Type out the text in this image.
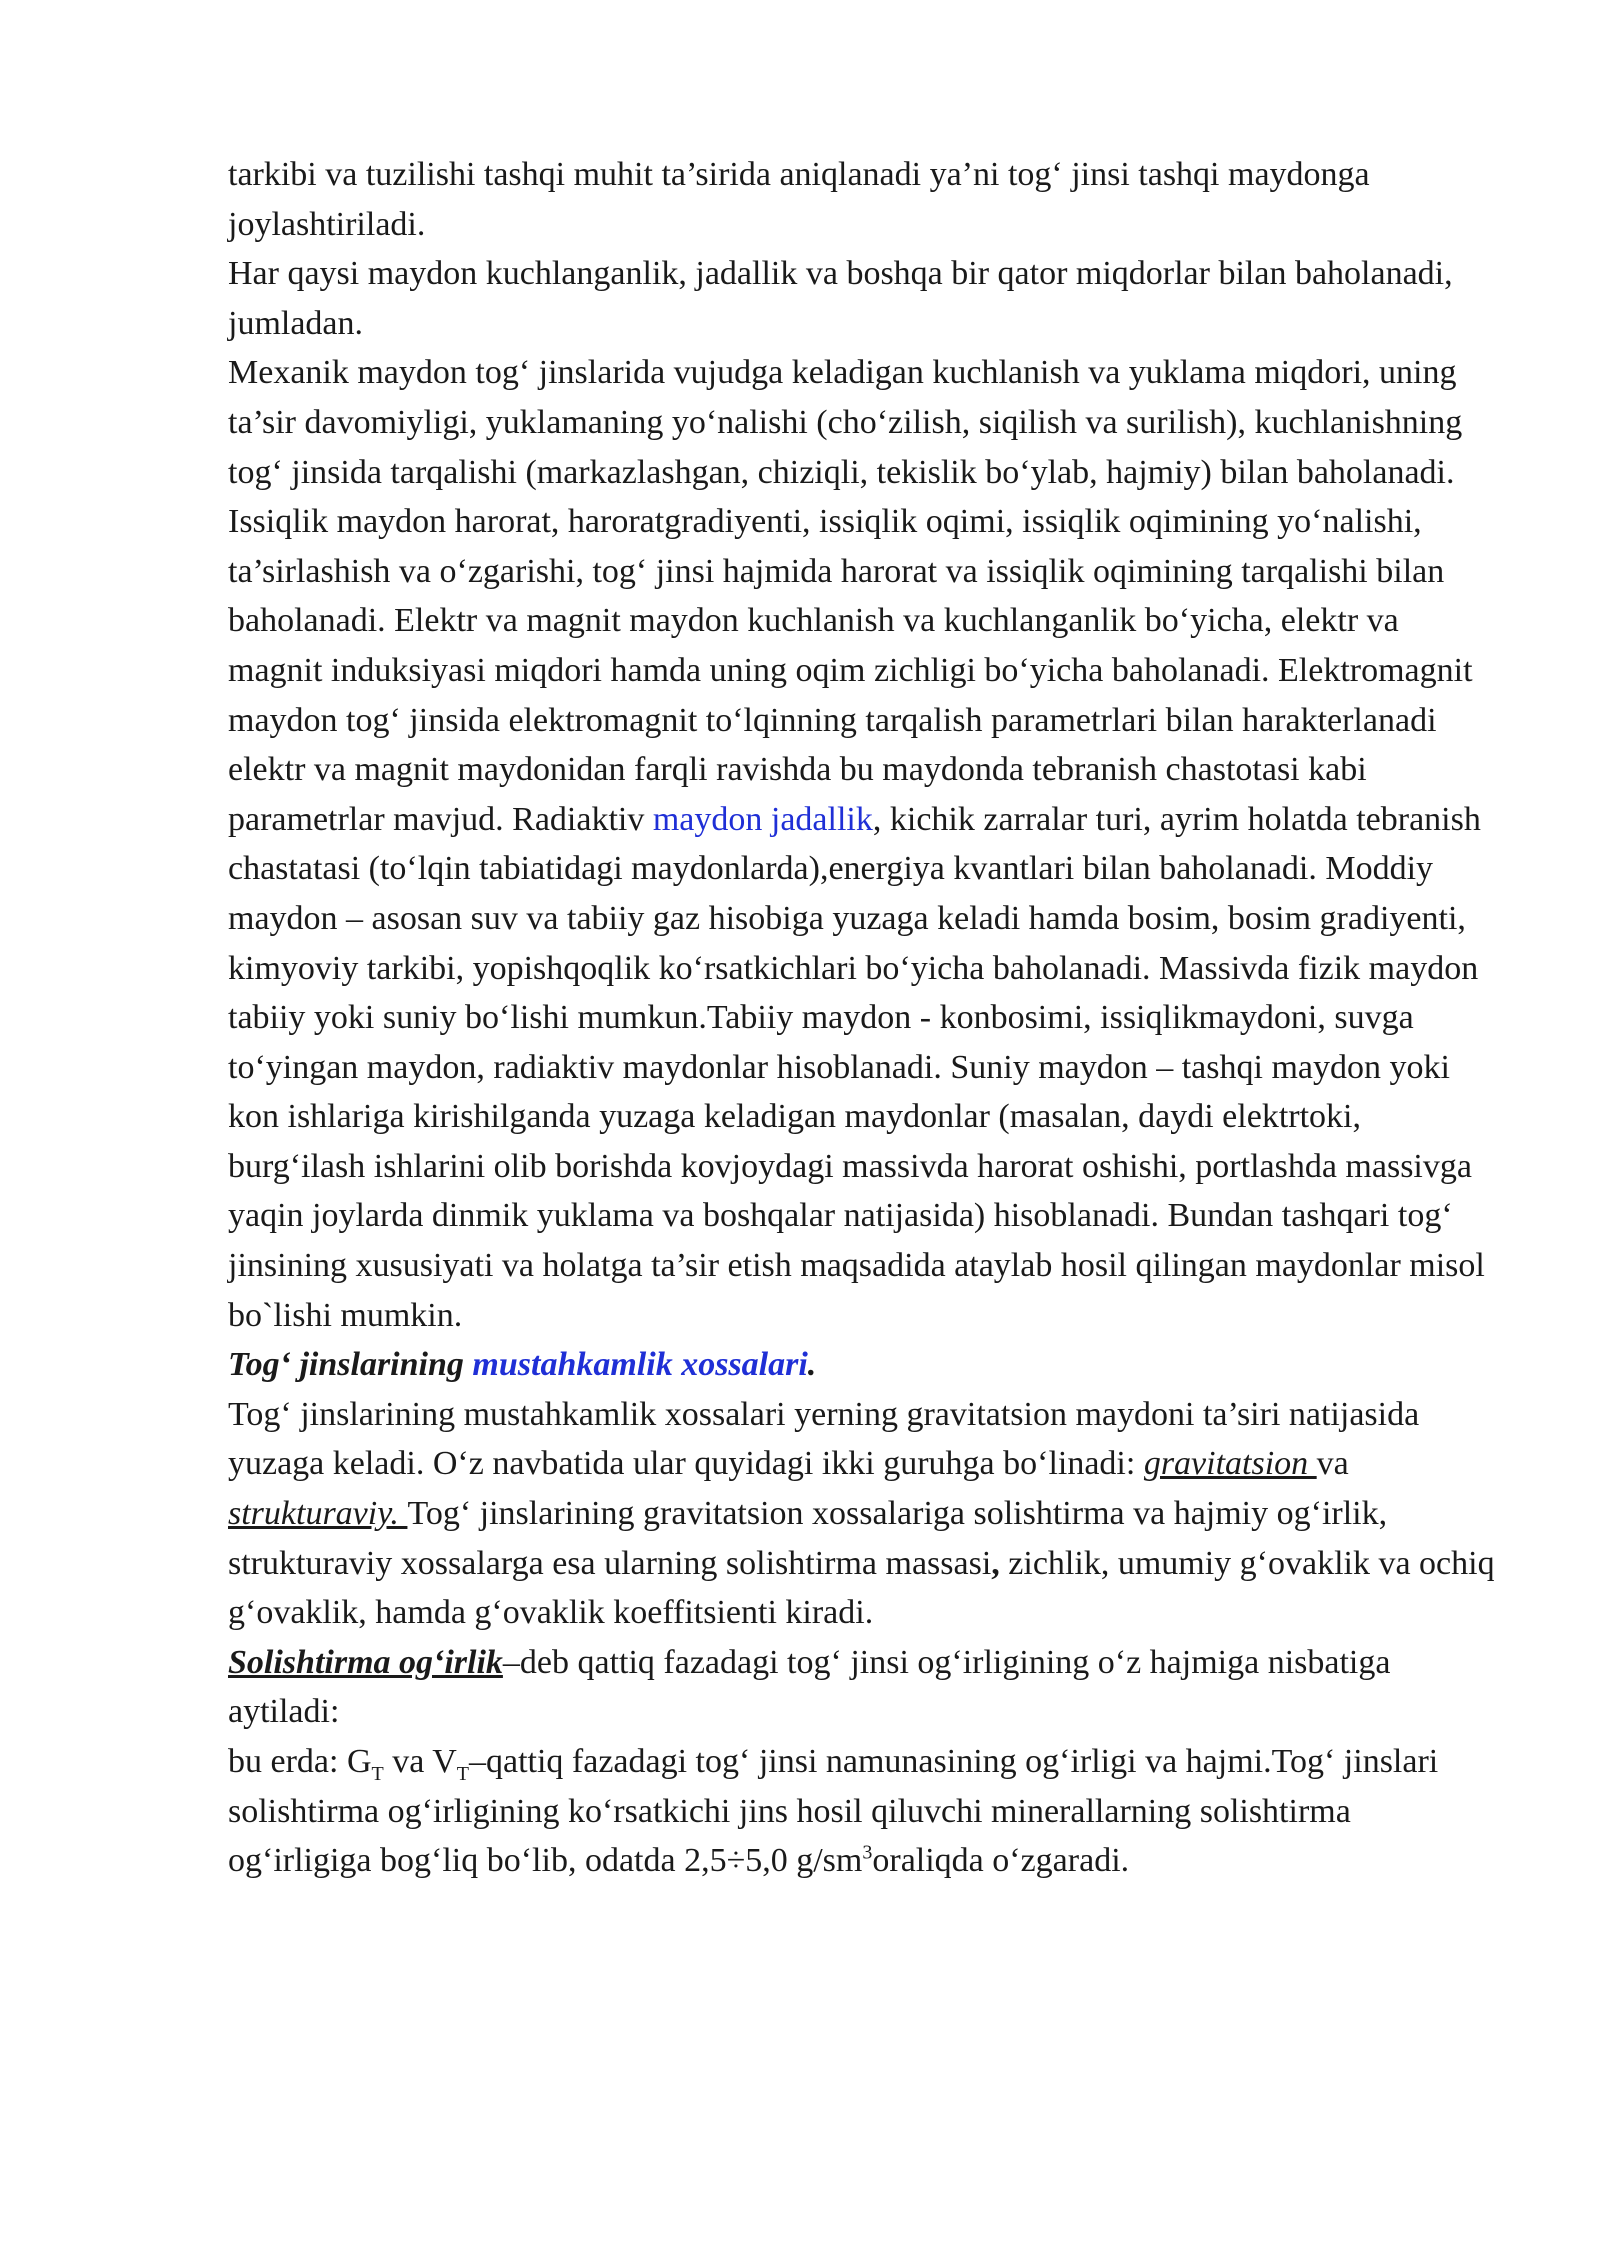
tarkibi va tuzilishi tashqi muhit ta’sirida aniqlanadi ya’ni tog‘ jinsi tashqi maydonga joylashtiriladi.

Har qaysi maydon kuchlanganlik, jadallik va boshqa bir qator miqdorlar bilan baholanadi, jumladan.

Mexanik maydon tog‘ jinslarida vujudga keladigan kuchlanish va yuklama miqdori, uning ta’sir davomiyligi, yuklamaning yo‘nalishi (cho‘zilish, siqilish va surilish), kuchlanishning tog‘ jinsida tarqalishi (markazlashgan, chiziqli, tekislik bo‘ylab, hajmiy) bilan baholanadi. Issiqlik maydon harorat, haroratgradiyenti, issiqlik oqimi, issiqlik oqimining yo‘nalishi, ta’sirlashish va o‘zgarishi, tog‘ jinsi hajmida harorat va issiqlik oqimining tarqalishi bilan baholanadi. Elektr va magnit maydon kuchlanish va kuchlanganlik bo‘yicha, elektr va magnit induksiyasi miqdori hamda uning oqim zichligi bo‘yicha baholanadi. Elektromagnit maydon tog‘ jinsida elektromagnit to‘lqinning tarqalish parametrlari bilan harakterlanadi elektr va magnit maydonidan farqli ravishda bu maydonda tebranish chastotasi kabi parametrlar mavjud. Radiaktiv maydon jadallik, kichik zarralar turi, ayrim holatda tebranish chastatasi (to‘lqin tabiatidagi maydonlarda),energiya kvantlari bilan baholanadi. Moddiy maydon – asosan suv va tabiiy gaz hisobiga yuzaga keladi hamda bosim, bosim gradiyenti, kimyoviy tarkibi, yopishqoqlik ko‘rsatkichlari bo‘yicha baholanadi. Massivda fizik maydon tabiiy yoki suniy bo‘lishi mumkun.Tabiiy maydon - konbosimi, issiqlikmaydoni, suvga to‘yingan maydon, radiaktiv maydonlar hisoblanadi. Suniy maydon – tashqi maydon yoki kon ishlariga kirishilganda yuzaga keladigan maydonlar (masalan, daydi elektrtoki, burg‘ilash ishlarini olib borishda kovjoydagi massivda harorat oshishi, portlashda massivga yaqin joylarda dinmik yuklama va boshqalar natijasida) hisoblanadi. Bundan tashqari tog‘ jinsining xususiyati va holatga ta’sir etish maqsadida ataylab hosil qilingan maydonlar misol bo`lishi mumkin.

Tog‘ jinslarining mustahkamlik xossalari.

Tog‘ jinslarining mustahkamlik xossalari yerning gravitatsion maydoni ta’siri natijasida yuzaga keladi. O‘z navbatida ular quyidagi ikki guruhga bo‘linadi: gravitatsion va strukturaviy. Tog‘ jinslarining gravitatsion xossalariga solishtirma va hajmiy og‘irlik, strukturaviy xossalarga esa ularning solishtirma massasi, zichlik, umumiy g‘ovaklik va ochiq g‘ovaklik, hamda g‘ovaklik koeffitsienti kiradi.

Solishtirma og‘irlik–deb qattiq fazadagi tog‘ jinsi og‘irligining o‘z hajmiga nisbatiga aytiladi:

bu erda: $G_T$ va $V_T$–qattiq fazadagi tog‘ jinsi namunasining og‘irligi va hajmi.Tog‘ jinslari solishtirma og‘irligining ko‘rsatkichi jins hosil qiluvchi minerallarning solishtirma og‘irligiga bog‘liq bo‘lib, odatda 2,5÷5,0 $g/sm^3oraliqda$ o‘zgaradi.
